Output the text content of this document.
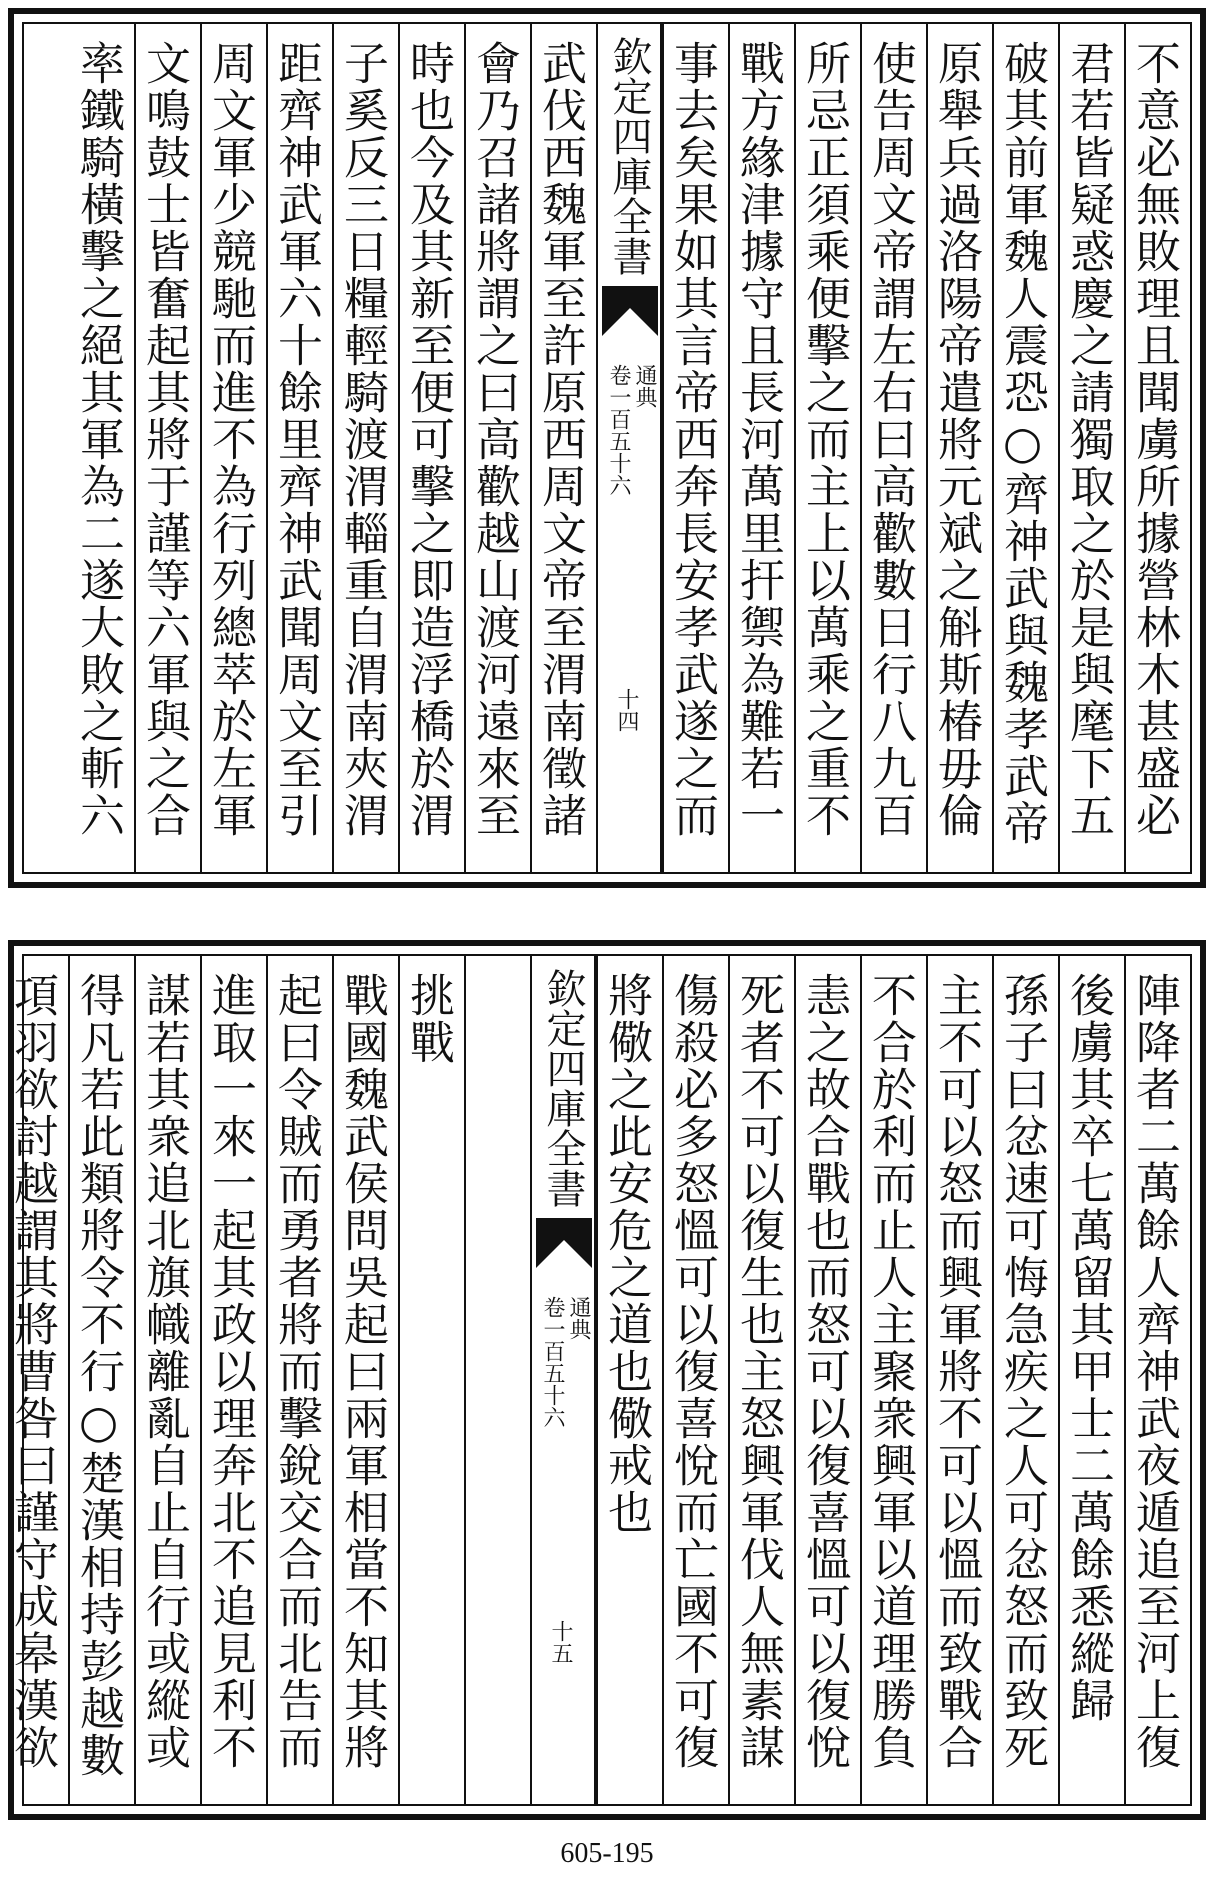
不意必無敗理且聞虜所據營林木甚盛必
君若皆疑惑慶之請獨取之於是與麾下五
破其前軍魏人震恐○齊神武與魏孝武帝
原舉兵過洛陽帝遣將元斌之斛斯椿毋倫
使告周文帝謂左右曰高歡數日行八九百
所忌正須乘便擊之而主上以萬乘之重不
戰方緣津據守且長河萬里扞禦為難若一
事去矣果如其言帝西奔長安孝武遂之而
欽定四庫全書
通典
卷一百五十六
十四
武伐西魏軍至許原西周文帝至渭南徵諸
會乃召諸將謂之曰高歡越山渡河遠來至
時也今及其新至便可擊之即造浮橋於渭
子奚反三日糧輕騎渡渭輜重自渭南夾渭
距齊神武軍六十餘里齊神武聞周文至引
周文軍少競馳而進不為行列總萃於左軍
文鳴鼓士皆奮起其將于謹等六軍與之合
率鐵騎橫擊之絕其軍為二遂大敗之斬六
陣降者二萬餘人齊神武夜遁追至河上復
後虜其卒七萬留其甲士二萬餘悉縱歸
孫子曰忿速可悔急疾之人可忿怒而致死
主不可以怒而興軍將不可以慍而致戰合
不合於利而止人主聚衆興軍以道理勝負
恚之故合戰也而怒可以復喜慍可以復悅
死者不可以復生也主怒興軍伐人無素謀
傷殺必多怒慍可以復喜悅而亡國不可復
將儆之此安危之道也儆戒也
欽定四庫全書
通典
卷一百五十六
十五
挑戰
戰國魏武侯問吳起曰兩軍相當不知其將
起曰令賊而勇者將而擊銳交合而北告而
進取一來一起其政以理奔北不追見利不
謀若其衆追北旗幟離亂自止自行或縱或
得凡若此類將令不行○楚漢相持彭越數
項羽欲討越謂其將曹咎曰謹守成皋漢欲
605-195
